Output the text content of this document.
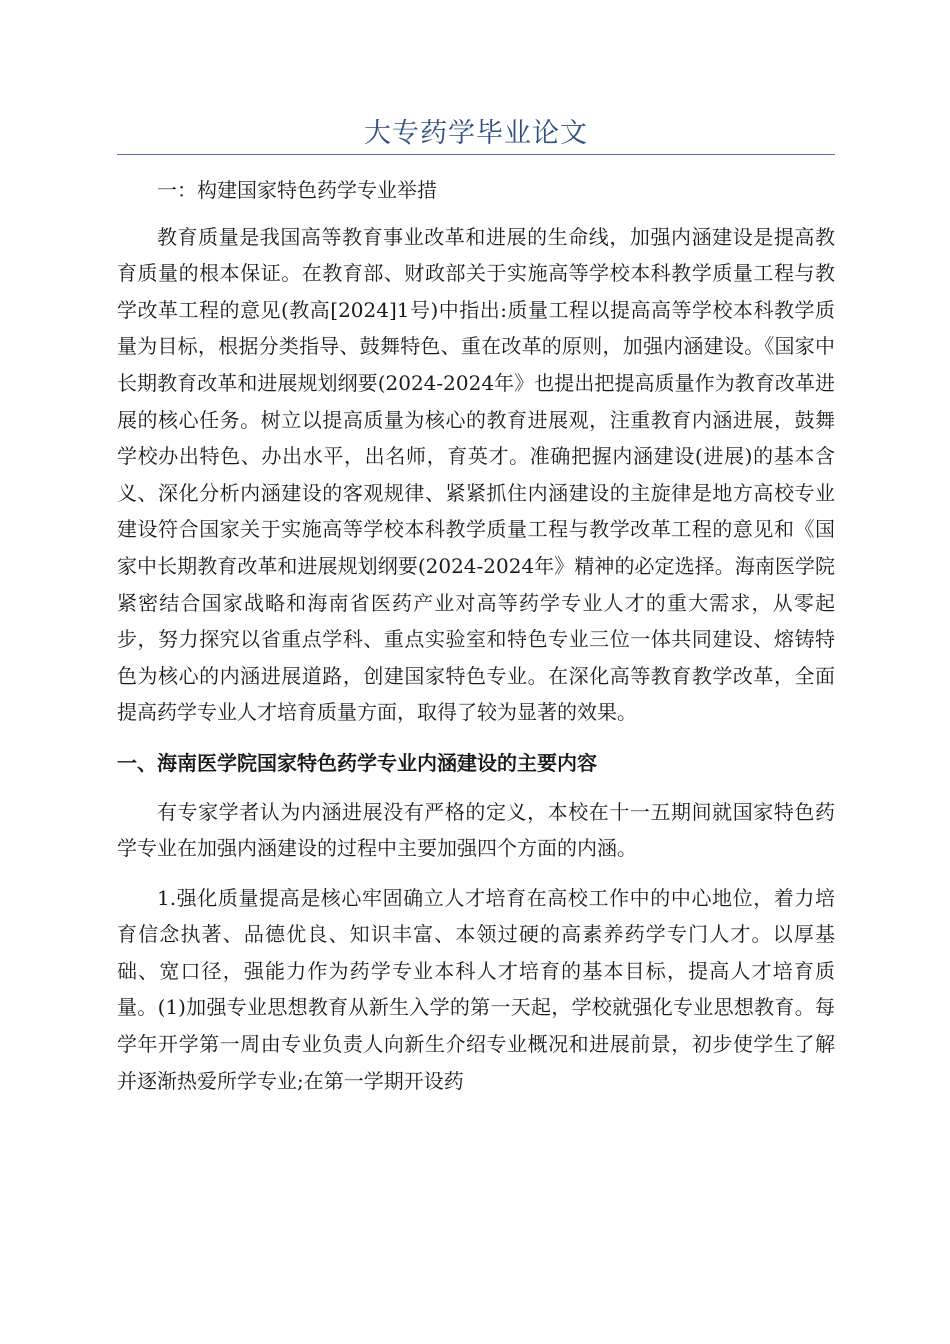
大专药学毕业论文

一：构建国家特色药学专业举措

教育质量是我国高等教育事业改革和进展的生命线，加强内涵建设是提高教育质量的根本保证。在教育部、财政部关于实施高等学校本科教学质量工程与教学改革工程的意见(教高[2024]1号)中指出:质量工程以提高高等学校本科教学质量为目标，根据分类指导、鼓舞特色、重在改革的原则，加强内涵建设。《国家中长期教育改革和进展规划纲要(2024-2024年》也提出把提高质量作为教育改革进展的核心任务。树立以提高质量为核心的教育进展观，注重教育内涵进展，鼓舞学校办出特色、办出水平，出名师，育英才。准确把握内涵建设(进展)的基本含义、深化分析内涵建设的客观规律、紧紧抓住内涵建设的主旋律是地方高校专业建设符合国家关于实施高等学校本科教学质量工程与教学改革工程的意见和《国家中长期教育改革和进展规划纲要(2024-2024年》精神的必定选择。海南医学院紧密结合国家战略和海南省医药产业对高等药学专业人才的重大需求，从零起步，努力探究以省重点学科、重点实验室和特色专业三位一体共同建设、熔铸特色为核心的内涵进展道路，创建国家特色专业。在深化高等教育教学改革，全面提高药学专业人才培育质量方面，取得了较为显著的效果。

一、海南医学院国家特色药学专业内涵建设的主要内容

有专家学者认为内涵进展没有严格的定义，本校在十一五期间就国家特色药学专业在加强内涵建设的过程中主要加强四个方面的内涵。

1.强化质量提高是核心牢固确立人才培育在高校工作中的中心地位，着力培育信念执著、品德优良、知识丰富、本领过硬的高素养药学专门人才。以厚基础、宽口径，强能力作为药学专业本科人才培育的基本目标，提高人才培育质量。(1)加强专业思想教育从新生入学的第一天起，学校就强化专业思想教育。每学年开学第一周由专业负责人向新生介绍专业概况和进展前景，初步使学生了解并逐渐热爱所学专业;在第一学期开设药
